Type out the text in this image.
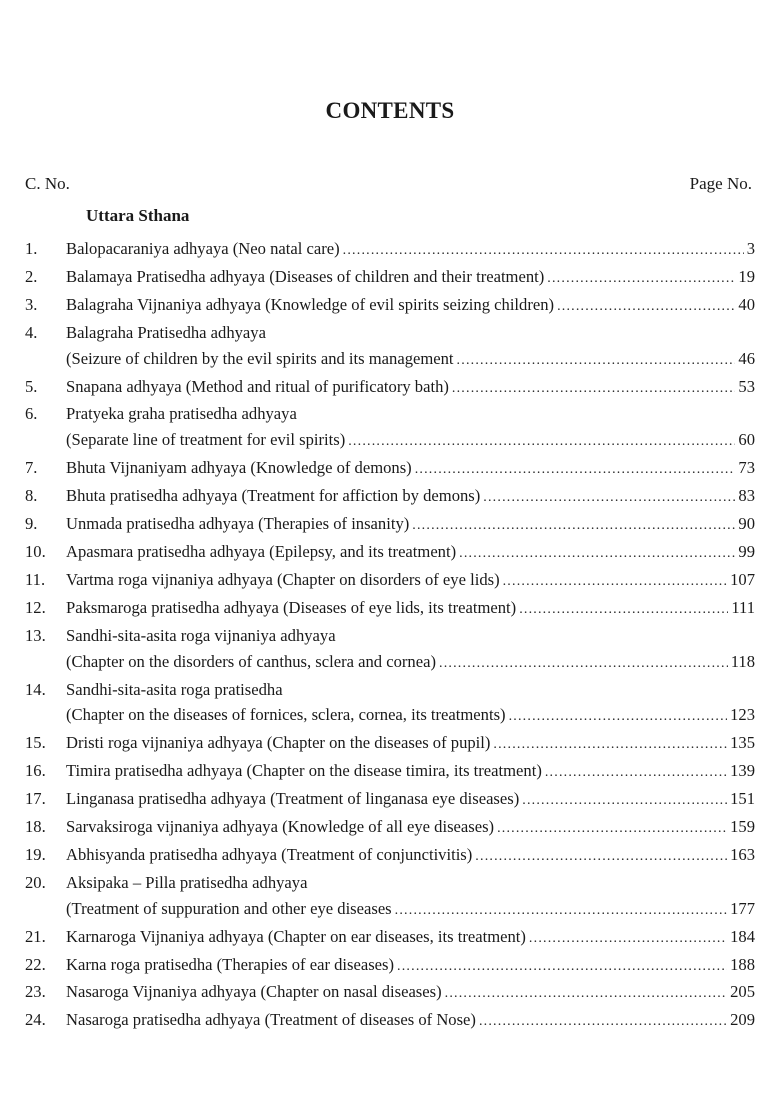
CONTENTS
C. No.	Page No.
Uttara Sthana
1.	Balopacaraniya adhyaya (Neo natal care) .....	3
2.	Balamaya Pratisedha adhyaya (Diseases of children and their treatment) .....	19
3.	Balagraha Vijnaniya adhyaya (Knowledge of evil spirits seizing children) .....	40
4.	Balagraha Pratisedha adhyaya
(Seizure of children by the evil spirits and its management .....	46
5.	Snapana adhyaya (Method and ritual of purificatory bath) .....	53
6.	Pratyeka graha pratisedha adhyaya
(Separate line of treatment for evil spirits) .....	60
7.	Bhuta Vijnaniyam adhyaya (Knowledge of demons) .....	73
8.	Bhuta pratisedha adhyaya (Treatment for affiction by demons) .....	83
9.	Unmada pratisedha adhyaya (Therapies of insanity) .....	90
10.	Apasmara pratisedha adhyaya (Epilepsy, and its treatment) .....	99
11.	Vartma roga vijnaniya adhyaya (Chapter on disorders of eye lids) .....	107
12.	Paksmaroga pratisedha adhyaya (Diseases of eye lids, its treatment) .....	111
13.	Sandhi-sita-asita roga vijnaniya adhyaya
(Chapter on the disorders of canthus, sclera and cornea) .....	118
14.	Sandhi-sita-asita roga pratisedha
(Chapter on the diseases of fornices, sclera, cornea, its treatments) .....	123
15.	Dristi roga vijnaniya adhyaya (Chapter on the diseases of pupil) .....	135
16.	Timira pratisedha adhyaya (Chapter on the disease timira, its treatment) .....	139
17.	Linganasa pratisedha adhyaya (Treatment of linganasa eye diseases) .....	151
18.	Sarvaksiroga vijnaniya adhyaya (Knowledge of all eye diseases) .....	159
19.	Abhisyanda pratisedha adhyaya (Treatment of conjunctivitis) .....	163
20.	Aksipaka – Pilla pratisedha adhyaya
(Treatment of suppuration and other eye diseases .....	177
21.	Karnaroga Vijnaniya adhyaya (Chapter on ear diseases, its treatment) .....	184
22.	Karna roga pratisedha (Therapies of ear diseases) .....	188
23.	Nasaroga Vijnaniya adhyaya (Chapter on nasal diseases) .....	205
24.	Nasaroga pratisedha adhyaya (Treatment of diseases of Nose) .....	209
